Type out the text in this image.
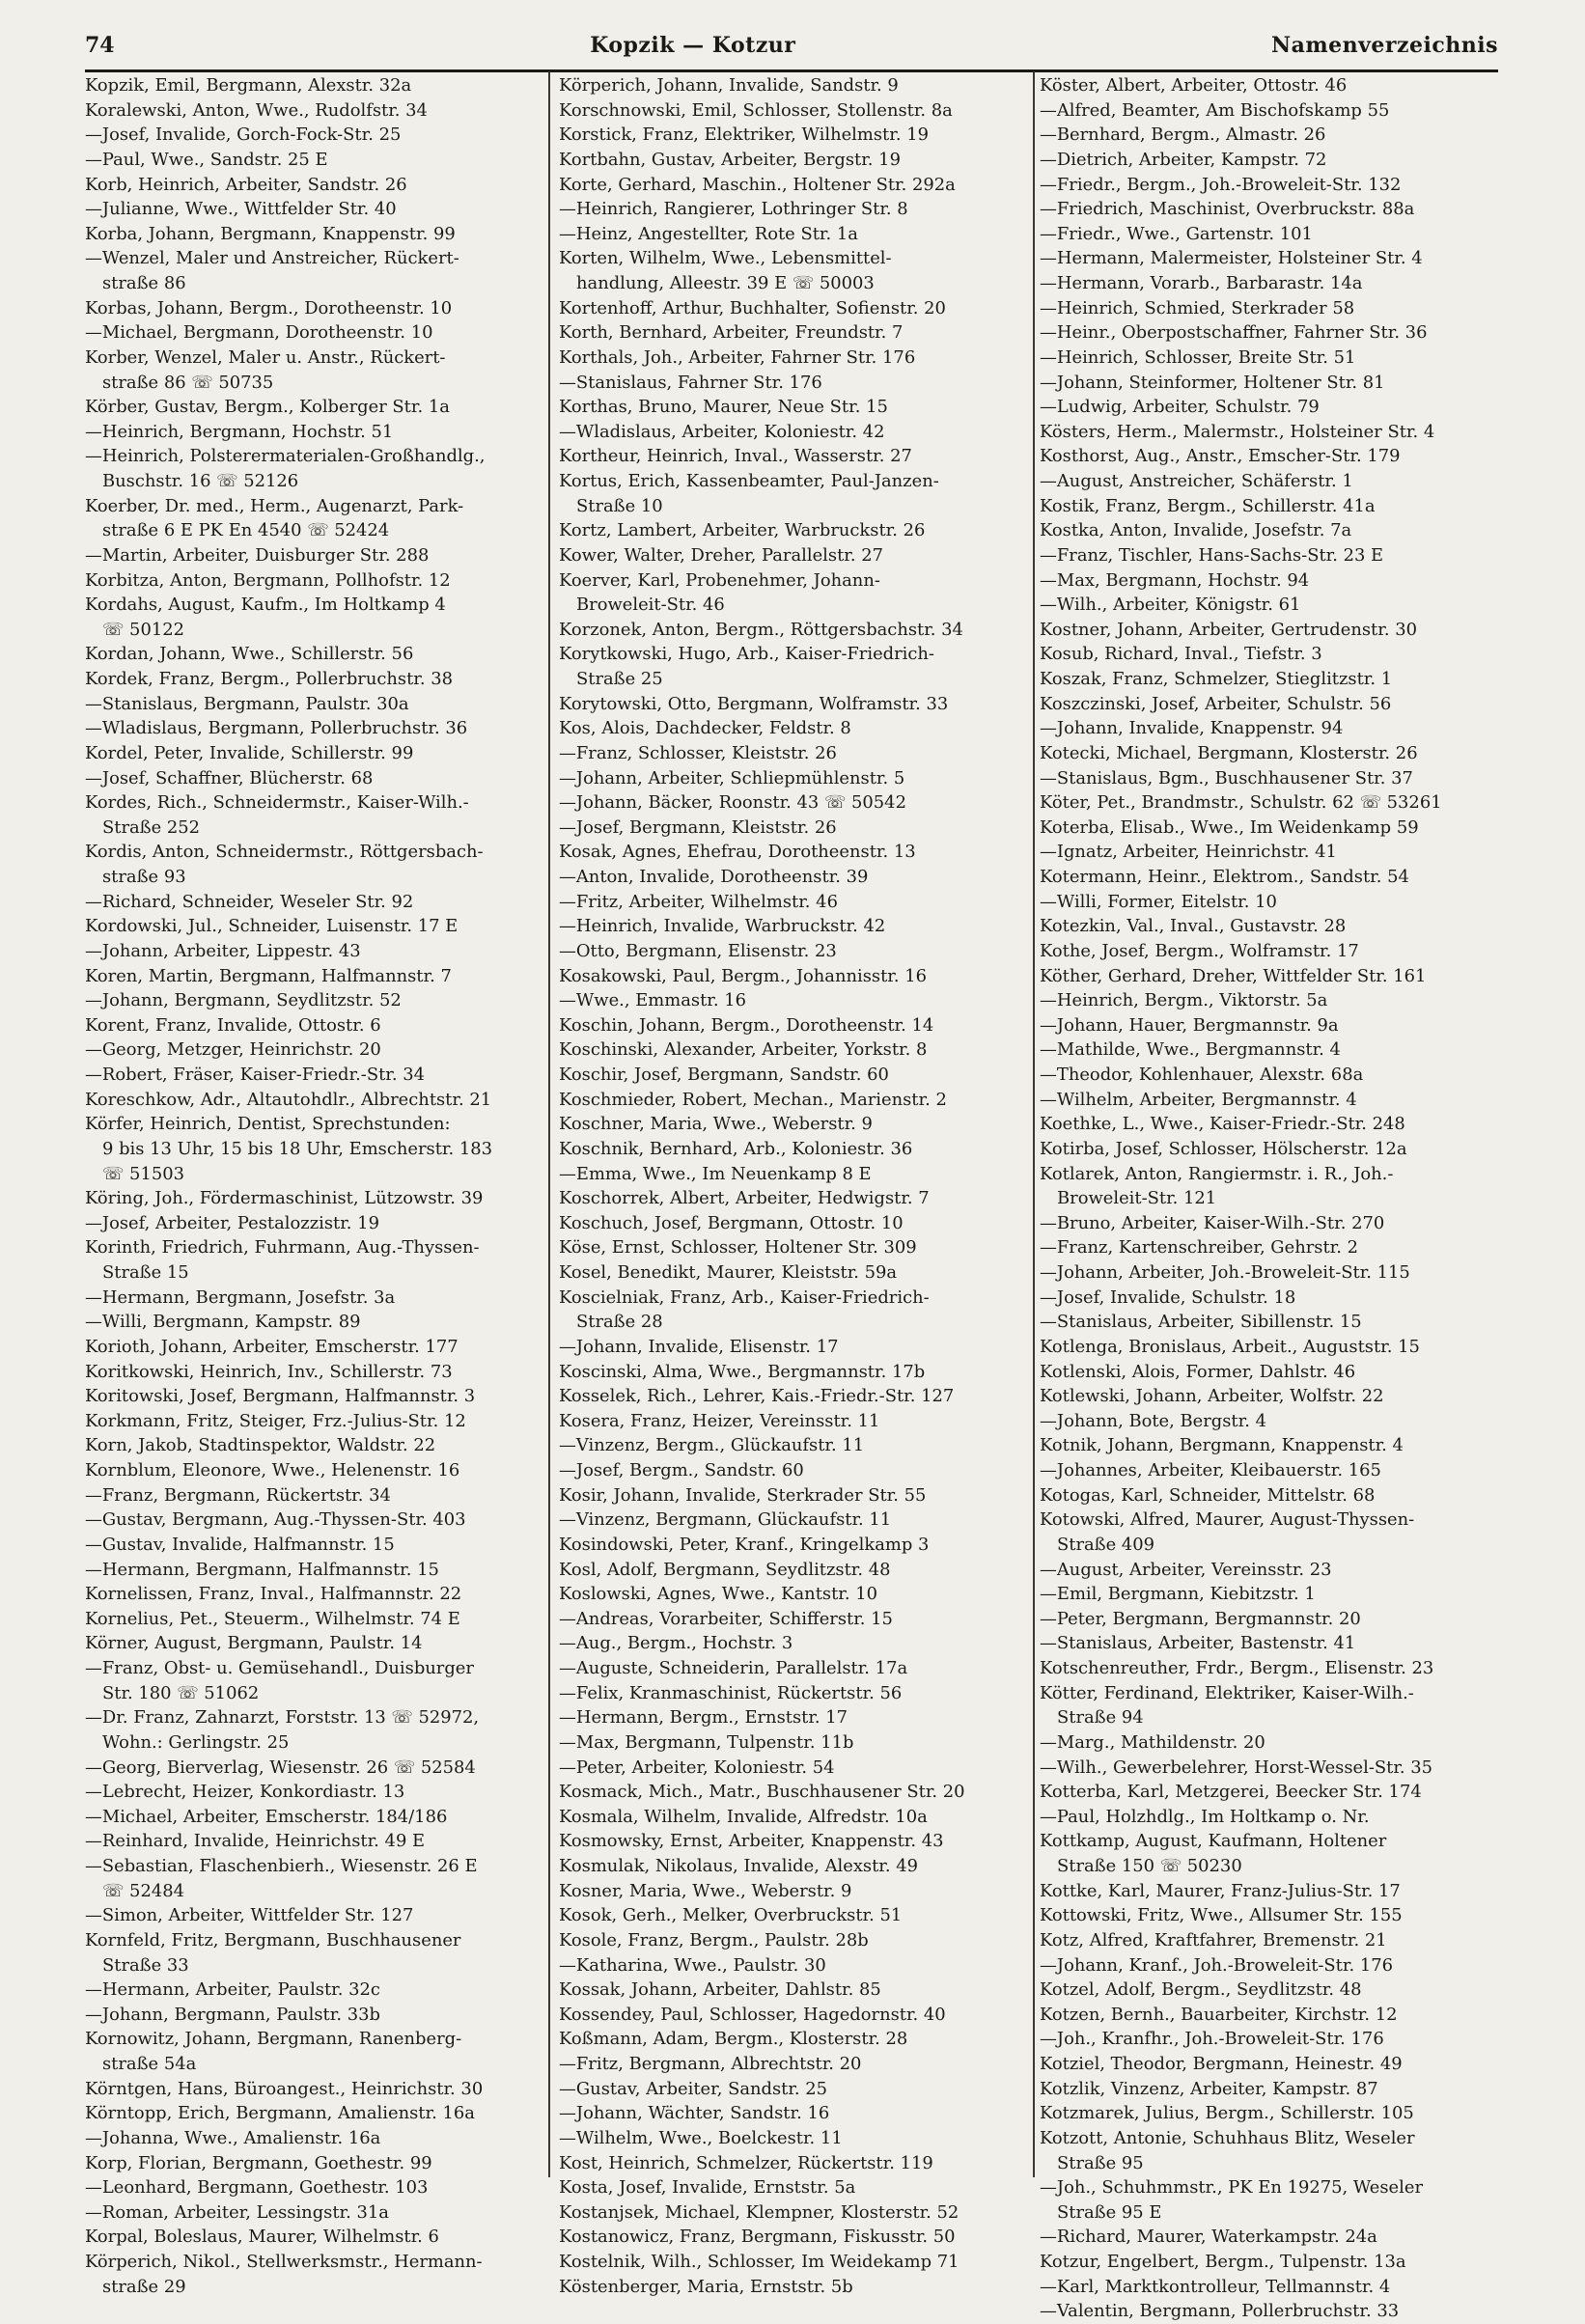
74	Kopzik — Kotzur	Namenverzeichnis
Kopzik, Emil, Bergmann, Alexstr. 32a
Koralewski, Anton, Wwe., Rudolfstr. 34
—Josef, Invalide, Gorch-Fock-Str. 25
—Paul, Wwe., Sandstr. 25 E
Korb, Heinrich, Arbeiter, Sandstr. 26
—Julianne, Wwe., Wittfelder Str. 40
Korba, Johann, Bergmann, Knappenstr. 99
—Wenzel, Maler und Anstreicher, Rückert-
straße 86
Korbas, Johann, Bergm., Dorotheenstr. 10
—Michael, Bergmann, Dorotheenstr. 10
Korber, Wenzel, Maler u. Anstr., Rückert-
straße 86 ☏ 50735
Körber, Gustav, Bergm., Kolberger Str. 1a
—Heinrich, Bergmann, Hochstr. 51
—Heinrich, Polsterermaterialen-Großhandlg.,
Buschstr. 16 ☏ 52126
Koerber, Dr. med., Herm., Augenarzt, Park-
straße 6 E PK En 4540 ☏ 52424
—Martin, Arbeiter, Duisburger Str. 288
Korbitza, Anton, Bergmann, Pollhofstr. 12
Kordahs, August, Kaufm., Im Holtkamp 4
☏ 50122
Kordan, Johann, Wwe., Schillerstr. 56
Kordek, Franz, Bergm., Pollerbruchstr. 38
—Stanislaus, Bergmann, Paulstr. 30a
—Wladislaus, Bergmann, Pollerbruchstr. 36
Kordel, Peter, Invalide, Schillerstr. 99
—Josef, Schaffner, Blücherstr. 68
Kordes, Rich., Schneidermstr., Kaiser-Wilh.-
Straße 252
Kordis, Anton, Schneidermstr., Röttgersbach-
straße 93
—Richard, Schneider, Weseler Str. 92
Kordowski, Jul., Schneider, Luisenstr. 17 E
—Johann, Arbeiter, Lippestr. 43
Koren, Martin, Bergmann, Halfmannstr. 7
—Johann, Bergmann, Seydlitzstr. 52
Korent, Franz, Invalide, Ottostr. 6
—Georg, Metzger, Heinrichstr. 20
—Robert, Fräser, Kaiser-Friedr.-Str. 34
Koreschkow, Adr., Altautohdlr., Albrechtstr. 21
Körfer, Heinrich, Dentist, Sprechstunden:
9 bis 13 Uhr, 15 bis 18 Uhr, Emscherstr. 183
☏ 51503
Köring, Joh., Fördermaschinist, Lützowstr. 39
—Josef, Arbeiter, Pestalozzistr. 19
Korinth, Friedrich, Fuhrmann, Aug.-Thyssen-
Straße 15
—Hermann, Bergmann, Josefstr. 3a
—Willi, Bergmann, Kampstr. 89
Korioth, Johann, Arbeiter, Emscherstr. 177
Koritkowski, Heinrich, Inv., Schillerstr. 73
Koritowski, Josef, Bergmann, Halfmannstr. 3
Korkmann, Fritz, Steiger, Frz.-Julius-Str. 12
Korn, Jakob, Stadtinspektor, Waldstr. 22
Kornblum, Eleonore, Wwe., Helenenstr. 16
—Franz, Bergmann, Rückertstr. 34
—Gustav, Bergmann, Aug.-Thyssen-Str. 403
—Gustav, Invalide, Halfmannstr. 15
—Hermann, Bergmann, Halfmannstr. 15
Kornelissen, Franz, Inval., Halfmannstr. 22
Kornelius, Pet., Steuerm., Wilhelmstr. 74 E
Körner, August, Bergmann, Paulstr. 14
—Franz, Obst- u. Gemüsehandl., Duisburger
Str. 180 ☏ 51062
—Dr. Franz, Zahnarzt, Forststr. 13 ☏ 52972,
Wohn.: Gerlingstr. 25
—Georg, Bierverlag, Wiesenstr. 26 ☏ 52584
—Lebrecht, Heizer, Konkordiastr. 13
—Michael, Arbeiter, Emscherstr. 184/186
—Reinhard, Invalide, Heinrichstr. 49 E
—Sebastian, Flaschenbierh., Wiesenstr. 26 E
☏ 52484
—Simon, Arbeiter, Wittfelder Str. 127
Kornfeld, Fritz, Bergmann, Buschhausener
Straße 33
—Hermann, Arbeiter, Paulstr. 32c
—Johann, Bergmann, Paulstr. 33b
Kornowitz, Johann, Bergmann, Ranenberg-
straße 54a
Körntgen, Hans, Büroangest., Heinrichstr. 30
Körntopp, Erich, Bergmann, Amalienstr. 16a
—Johanna, Wwe., Amalienstr. 16a
Korp, Florian, Bergmann, Goethestr. 99
—Leonhard, Bergmann, Goethestr. 103
—Roman, Arbeiter, Lessingstr. 31a
Korpal, Boleslaus, Maurer, Wilhelmstr. 6
Körperich, Nikol., Stellwerksmstr., Hermann-
straße 29
Körperich, Johann, Invalide, Sandstr. 9
Korschnowski, Emil, Schlosser, Stollenstr. 8a
Korstick, Franz, Elektriker, Wilhelmstr. 19
Kortbahn, Gustav, Arbeiter, Bergstr. 19
Korte, Gerhard, Maschin., Holtener Str. 292a
—Heinrich, Rangierer, Lothringer Str. 8
—Heinz, Angestellter, Rote Str. 1a
Korten, Wilhelm, Wwe., Lebensmittel-
handlung, Alleestr. 39 E ☏ 50003
Kortenhoff, Arthur, Buchhalter, Sofienstr. 20
Korth, Bernhard, Arbeiter, Freundstr. 7
Korthals, Joh., Arbeiter, Fahrner Str. 176
—Stanislaus, Fahrner Str. 176
Korthas, Bruno, Maurer, Neue Str. 15
—Wladislaus, Arbeiter, Koloniestr. 42
Kortheur, Heinrich, Inval., Wasserstr. 27
Kortus, Erich, Kassenbeamter, Paul-Janzen-
Straße 10
Kortz, Lambert, Arbeiter, Warbruckstr. 26
Kower, Walter, Dreher, Parallelstr. 27
Koerver, Karl, Probenehmer, Johann-
Broweleit-Str. 46
Korzonek, Anton, Bergm., Röttgersbachstr. 34
Korytkowski, Hugo, Arb., Kaiser-Friedrich-
Straße 25
Korytowski, Otto, Bergmann, Wolframstr. 33
Kos, Alois, Dachdecker, Feldstr. 8
—Franz, Schlosser, Kleiststr. 26
—Johann, Arbeiter, Schliepmühlenstr. 5
—Johann, Bäcker, Roonstr. 43 ☏ 50542
—Josef, Bergmann, Kleiststr. 26
Kosak, Agnes, Ehefrau, Dorotheenstr. 13
—Anton, Invalide, Dorotheenstr. 39
—Fritz, Arbeiter, Wilhelmstr. 46
—Heinrich, Invalide, Warbruckstr. 42
—Otto, Bergmann, Elisenstr. 23
Kosakowski, Paul, Bergm., Johannisstr. 16
—Wwe., Emmastr. 16
Koschin, Johann, Bergm., Dorotheenstr. 14
Koschinski, Alexander, Arbeiter, Yorkstr. 8
Koschir, Josef, Bergmann, Sandstr. 60
Koschmieder, Robert, Mechan., Marienstr. 2
Koschner, Maria, Wwe., Weberstr. 9
Koschnik, Bernhard, Arb., Koloniestr. 36
—Emma, Wwe., Im Neuenkamp 8 E
Koschorrek, Albert, Arbeiter, Hedwigstr. 7
Koschuch, Josef, Bergmann, Ottostr. 10
Köse, Ernst, Schlosser, Holtener Str. 309
Kosel, Benedikt, Maurer, Kleiststr. 59a
Koscielniak, Franz, Arb., Kaiser-Friedrich-
Straße 28
—Johann, Invalide, Elisenstr. 17
Koscinski, Alma, Wwe., Bergmannstr. 17b
Kosselek, Rich., Lehrer, Kais.-Friedr.-Str. 127
Kosera, Franz, Heizer, Vereinsstr. 11
—Vinzenz, Bergm., Glückaufstr. 11
—Josef, Bergm., Sandstr. 60
Kosir, Johann, Invalide, Sterkrader Str. 55
—Vinzenz, Bergmann, Glückaufstr. 11
Kosindowski, Peter, Kranf., Kringelkamp 3
Kosl, Adolf, Bergmann, Seydlitzstr. 48
Koslowski, Agnes, Wwe., Kantstr. 10
—Andreas, Vorarbeiter, Schifferstr. 15
—Aug., Bergm., Hochstr. 3
—Auguste, Schneiderin, Parallelstr. 17a
—Felix, Kranmaschinist, Rückertstr. 56
—Hermann, Bergm., Ernststr. 17
—Max, Bergmann, Tulpenstr. 11b
—Peter, Arbeiter, Koloniestr. 54
Kosmack, Mich., Matr., Buschhausener Str. 20
Kosmala, Wilhelm, Invalide, Alfredstr. 10a
Kosmowsky, Ernst, Arbeiter, Knappenstr. 43
Kosmulak, Nikolaus, Invalide, Alexstr. 49
Kosner, Maria, Wwe., Weberstr. 9
Kosok, Gerh., Melker, Overbruckstr. 51
Kosole, Franz, Bergm., Paulstr. 28b
—Katharina, Wwe., Paulstr. 30
Kossak, Johann, Arbeiter, Dahlstr. 85
Kossendey, Paul, Schlosser, Hagedornstr. 40
Koßmann, Adam, Bergm., Klosterstr. 28
—Fritz, Bergmann, Albrechtstr. 20
—Gustav, Arbeiter, Sandstr. 25
—Johann, Wächter, Sandstr. 16
—Wilhelm, Wwe., Boelckestr. 11
Kost, Heinrich, Schmelzer, Rückertstr. 119
Kosta, Josef, Invalide, Ernststr. 5a
Kostanjsek, Michael, Klempner, Klosterstr. 52
Kostanowicz, Franz, Bergmann, Fiskusstr. 50
Kostelnik, Wilh., Schlosser, Im Weidekamp 71
Köstenberger, Maria, Ernststr. 5b
Köster, Albert, Arbeiter, Ottostr. 46
—Alfred, Beamter, Am Bischofskamp 55
—Bernhard, Bergm., Almastr. 26
—Dietrich, Arbeiter, Kampstr. 72
—Friedr., Bergm., Joh.-Broweleit-Str. 132
—Friedrich, Maschinist, Overbruckstr. 88a
—Friedr., Wwe., Gartenstr. 101
—Hermann, Malermeister, Holsteiner Str. 4
—Hermann, Vorarb., Barbarastr. 14a
—Heinrich, Schmied, Sterkrader 58
—Heinr., Oberpostschaffner, Fahrner Str. 36
—Heinrich, Schlosser, Breite Str. 51
—Johann, Steinformer, Holtener Str. 81
—Ludwig, Arbeiter, Schulstr. 79
Kösters, Herm., Malermstr., Holsteiner Str. 4
Kosthorst, Aug., Anstr., Emscher-Str. 179
—August, Anstreicher, Schäferstr. 1
Kostik, Franz, Bergm., Schillerstr. 41a
Kostka, Anton, Invalide, Josefstr. 7a
—Franz, Tischler, Hans-Sachs-Str. 23 E
—Max, Bergmann, Hochstr. 94
—Wilh., Arbeiter, Königstr. 61
Kostner, Johann, Arbeiter, Gertrudenstr. 30
Kosub, Richard, Inval., Tiefstr. 3
Koszak, Franz, Schmelzer, Stieglitzstr. 1
Koszczinski, Josef, Arbeiter, Schulstr. 56
—Johann, Invalide, Knappenstr. 94
Kotecki, Michael, Bergmann, Klosterstr. 26
—Stanislaus, Bgm., Buschhausener Str. 37
Köter, Pet., Brandmstr., Schulstr. 62 ☏ 53261
Koterba, Elisab., Wwe., Im Weidenkamp 59
—Ignatz, Arbeiter, Heinrichstr. 41
Kotermann, Heinr., Elektrom., Sandstr. 54
—Willi, Former, Eitelstr. 10
Kotezkin, Val., Inval., Gustavstr. 28
Kothe, Josef, Bergm., Wolframstr. 17
Köther, Gerhard, Dreher, Wittfelder Str. 161
—Heinrich, Bergm., Viktorstr. 5a
—Johann, Hauer, Bergmannstr. 9a
—Mathilde, Wwe., Bergmannstr. 4
—Theodor, Kohlenhauer, Alexstr. 68a
—Wilhelm, Arbeiter, Bergmannstr. 4
Koethke, L., Wwe., Kaiser-Friedr.-Str. 248
Kotirba, Josef, Schlosser, Hölscherstr. 12a
Kotlarek, Anton, Rangiermstr. i. R., Joh.-
Broweleit-Str. 121
—Bruno, Arbeiter, Kaiser-Wilh.-Str. 270
—Franz, Kartenschreiber, Gehrstr. 2
—Johann, Arbeiter, Joh.-Broweleit-Str. 115
—Josef, Invalide, Schulstr. 18
—Stanislaus, Arbeiter, Sibillenstr. 15
Kotlenga, Bronislaus, Arbeit., Auguststr. 15
Kotlenski, Alois, Former, Dahlstr. 46
Kotlewski, Johann, Arbeiter, Wolfstr. 22
—Johann, Bote, Bergstr. 4
Kotnik, Johann, Bergmann, Knappenstr. 4
—Johannes, Arbeiter, Kleibauerstr. 165
Kotogas, Karl, Schneider, Mittelstr. 68
Kotowski, Alfred, Maurer, August-Thyssen-
Straße 409
—August, Arbeiter, Vereinsstr. 23
—Emil, Bergmann, Kiebitzstr. 1
—Peter, Bergmann, Bergmannstr. 20
—Stanislaus, Arbeiter, Bastenstr. 41
Kotschenreuther, Frdr., Bergm., Elisenstr. 23
Kötter, Ferdinand, Elektriker, Kaiser-Wilh.-
Straße 94
—Marg., Mathildenstr. 20
—Wilh., Gewerbelehrer, Horst-Wessel-Str. 35
Kotterba, Karl, Metzgerei, Beecker Str. 174
—Paul, Holzhdlg., Im Holtkamp o. Nr.
Kottkamp, August, Kaufmann, Holtener
Straße 150 ☏ 50230
Kottke, Karl, Maurer, Franz-Julius-Str. 17
Kottowski, Fritz, Wwe., Allsumer Str. 155
Kotz, Alfred, Kraftfahrer, Bremenstr. 21
—Johann, Kranf., Joh.-Broweleit-Str. 176
Kotzel, Adolf, Bergm., Seydlitzstr. 48
Kotzen, Bernh., Bauarbeiter, Kirchstr. 12
—Joh., Kranfhr., Joh.-Broweleit-Str. 176
Kotziel, Theodor, Bergmann, Heinestr. 49
Kotzlik, Vinzenz, Arbeiter, Kampstr. 87
Kotzmarek, Julius, Bergm., Schillerstr. 105
Kotzott, Antonie, Schuhhaus Blitz, Weseler
Straße 95
—Joh., Schuhmmstr., PK En 19275, Weseler
Straße 95 E
—Richard, Maurer, Waterkampstr. 24a
Kotzur, Engelbert, Bergm., Tulpenstr. 13a
—Karl, Marktkontrolleur, Tellmannstr. 4
—Valentin, Bergmann, Pollerbruchstr. 33
